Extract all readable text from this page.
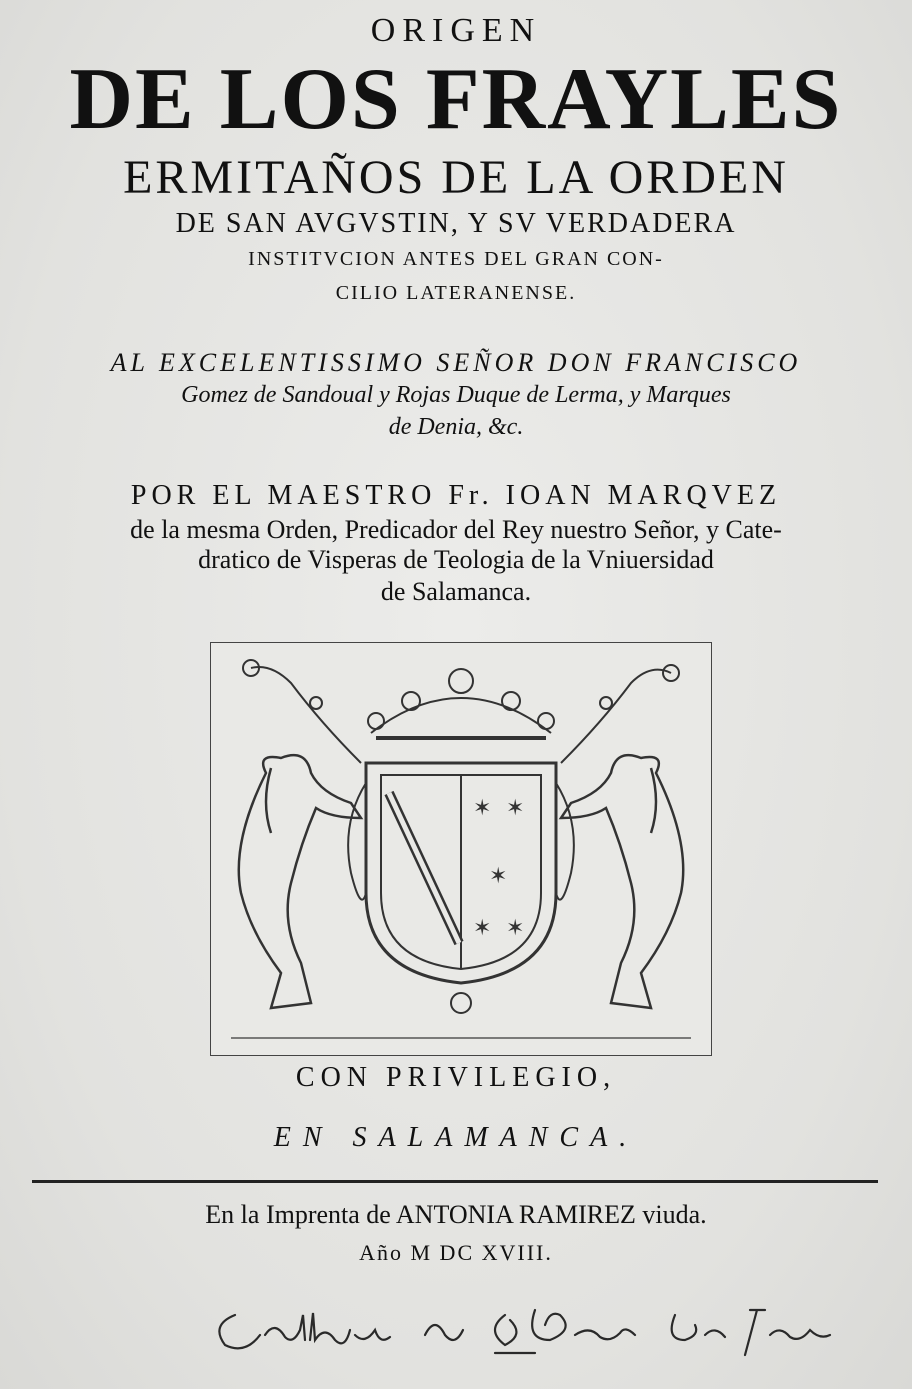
ORIGEN
DE LOS FRAYLES
ERMITAÑOS DE LA ORDEN
DE SAN AVGVSTIN, Y SV VERDADERA
INSTITVCION ANTES DEL GRAN CON-
CILIO LATERANENSE.
AL EXCELENTISSIMO SEÑOR DON FRANCISCO
Gomez de Sandoual y Rojas Duque de Lerma, y Marques
de Denia, &c.
POR EL MAESTRO Fr. IOAN MARQVEZ
de la mesma Orden, Predicador del Rey nuestro Señor, y Cate-
dratico de Visperas de Teologia de la Vniuersidad
de Salamanca.
✶ ✶
✶
✶ ✶
CON PRIVILEGIO,
EN SALAMANCA.
En la Imprenta de ANTONIA RAMIREZ viuda.
Año M DC XVIII.
